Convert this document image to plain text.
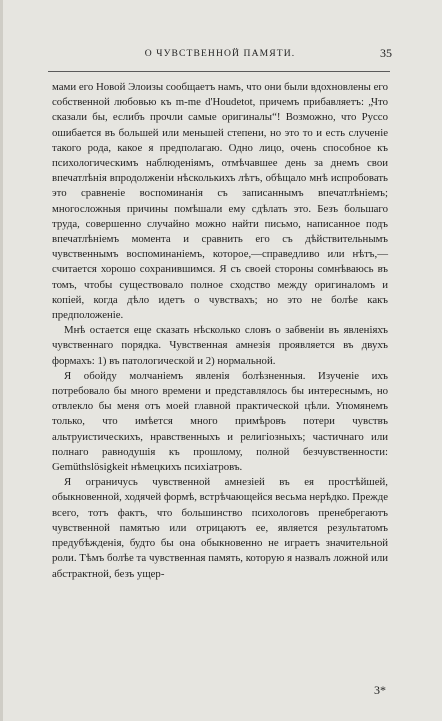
О ЧУВСТВЕННОЙ ПАМЯТИ.	35

мами его Новой Элоизы сообщаетъ намъ, что они были вдохновлены его собственной любовью къ m-me d'Houdetot, причемъ прибавляетъ: „Что сказали бы, еслибъ прочли самые оригиналы“! Возможно, что Руссо ошибается въ большей или меньшей степени, но это то и есть слученіе такого рода, какое я предполагаю. Одно лицо, очень способное къ психологическимъ наблюденіямъ, отмѣчавшее день за днемъ свои впечатлѣнія впродолженіи нѣсколькихъ лѣтъ, обѣщало мнѣ испробовать это сравненіе воспоминанія съ записаннымъ впечатлѣніемъ; многосложныя причины помѣшали ему сдѣлать это. Безъ большаго труда, совершенно случайно можно найти письмо, написанное подъ впечатлѣніемъ момента и сравнить его съ дѣйствительнымъ чувственнымъ воспоминаніемъ, которое,—справедливо или нѣтъ,—считается хорошо сохранившимся. Я съ своей стороны сомнѣваюсь въ томъ, чтобы существовало полное сходство между оригиналомъ и копіей, когда дѣло идетъ о чувствахъ; но это не болѣе какъ предположеніе.

Мнѣ остается еще сказать нѣсколько словъ о забвеніи въ явленіяхъ чувственнаго порядка. Чувственная амнезія проявляется въ двухъ формахъ: 1) въ патологической и 2) нормальной.

Я обойду молчаніемъ явленія болѣзненныя. Изученіе ихъ потребовало бы много времени и представлялось бы интереснымъ, но отвлекло бы меня отъ моей главной практической цѣли. Упомянемъ только, что имѣется много примѣровъ потери чувствъ альтруистическихъ, нравственныхъ и религіозныхъ; частичнаго или полнаго равнодушія къ прошлому, полной безчувственности: Gemüthslösigkeit нѣмецкихъ психіатровъ.

Я ограничусь чувственной амнезіей въ ея простѣйшей, обыкновенной, ходячей формѣ, встрѣчающейся весьма нерѣдко. Прежде всего, тотъ фактъ, что большинство психологовъ пренебрегаютъ чувственной памятью или отрицаютъ ее, является результатомъ предубѣжденія, будто бы она обыкновенно не играетъ значительной роли. Тѣмъ болѣе та чувственная память, которую я назвалъ ложной или абстрактной, безъ ущер-

3*
